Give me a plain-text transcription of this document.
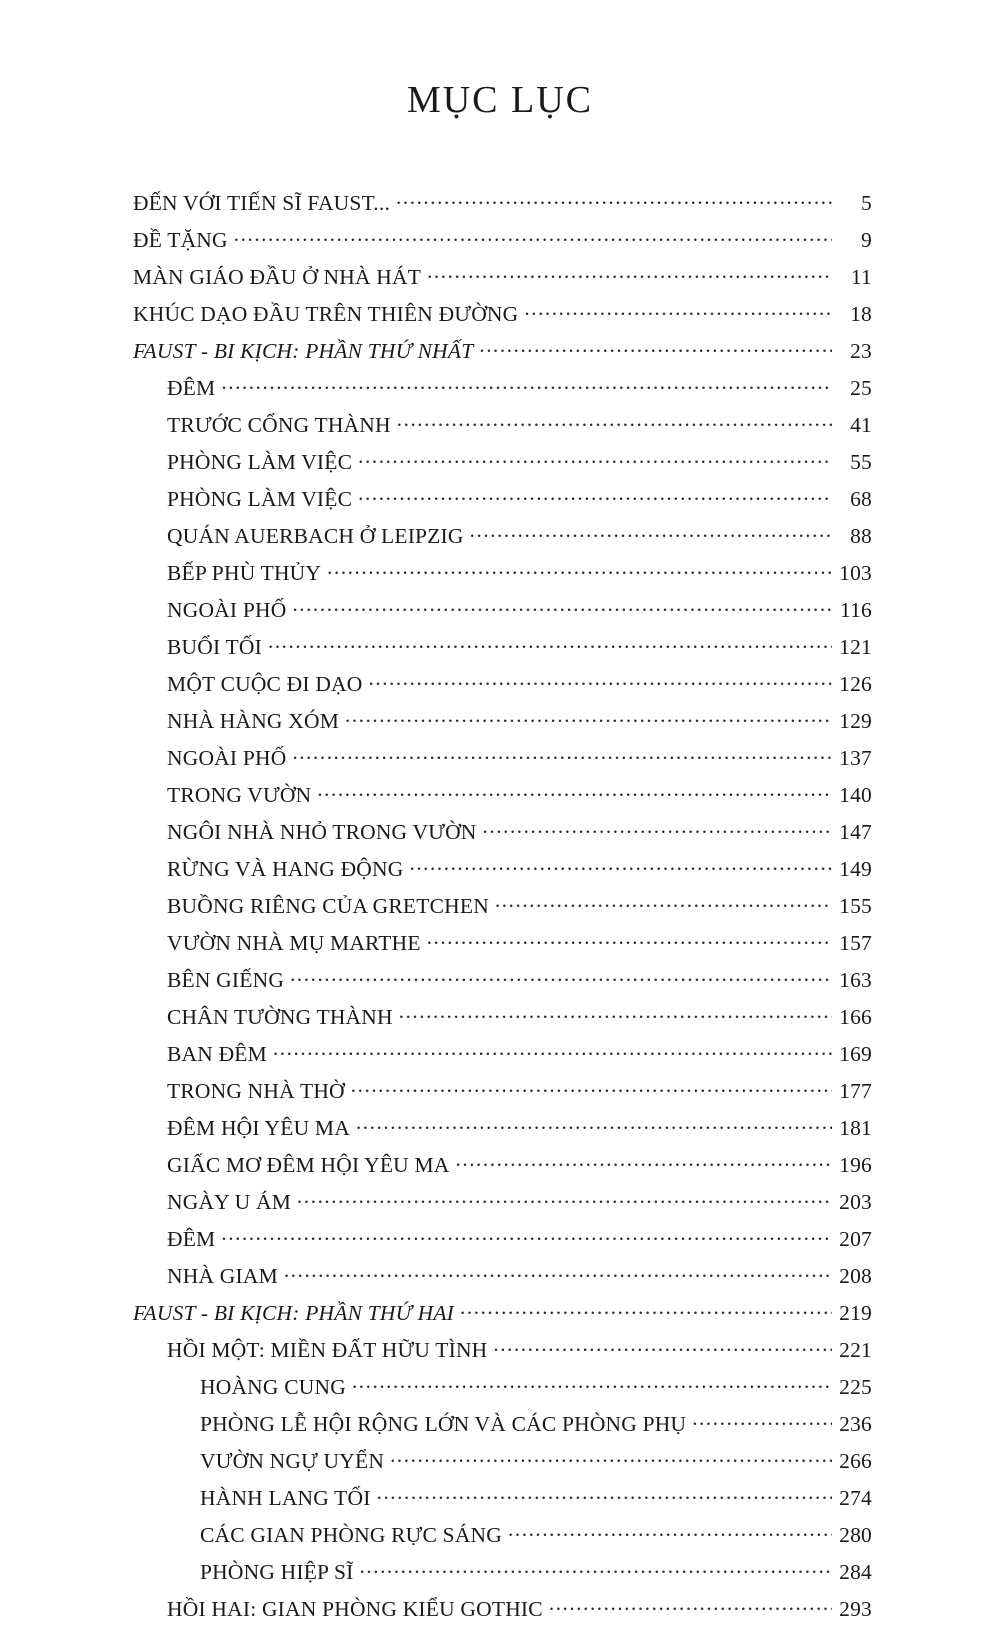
MỤC LỤC
ĐẾN VỚI TIẾN SĨ FAUST... .....	5
ĐỀ TẶNG .....	9
MÀN GIÁO ĐẦU Ở NHÀ HÁT .....	11
KHÚC DẠO ĐẦU TRÊN THIÊN ĐƯỜNG .....	18
FAUST - BI KỊCH: PHẦN THỨ NHẤT .....	23
ĐÊM .....	25
TRƯỚC CỔNG THÀNH .....	41
PHÒNG LÀM VIỆC .....	55
PHÒNG LÀM VIỆC .....	68
QUÁN AUERBACH Ở LEIPZIG .....	88
BẾP PHÙ THỦY .....	103
NGOÀI PHỐ .....	116
BUỔI TỐI .....	121
MỘT CUỘC ĐI DẠO .....	126
NHÀ HÀNG XÓM .....	129
NGOÀI PHỐ .....	137
TRONG VƯỜN .....	140
NGÔI NHÀ NHỎ TRONG VƯỜN .....	147
RỪNG VÀ HANG ĐỘNG .....	149
BUỒNG RIÊNG CỦA GRETCHEN .....	155
VƯỜN NHÀ MỤ MARTHE .....	157
BÊN GIẾNG .....	163
CHÂN TƯỜNG THÀNH .....	166
BAN ĐÊM .....	169
TRONG NHÀ THỜ .....	177
ĐÊM HỘI YÊU MA .....	181
GIẤC MƠ ĐÊM HỘI YÊU MA .....	196
NGÀY U ÁM .....	203
ĐÊM .....	207
NHÀ GIAM .....	208
FAUST - BI KỊCH: PHẦN THỨ HAI .....	219
HỒI MỘT: MIỀN ĐẤT HỮU TÌNH .....	221
HOÀNG CUNG .....	225
PHÒNG LỄ HỘI RỘNG LỚN VÀ CÁC PHÒNG PHỤ .....	236
VƯỜN NGỰ UYỂN .....	266
HÀNH LANG TỐI .....	274
CÁC GIAN PHÒNG RỰC SÁNG .....	280
PHÒNG HIỆP SĨ .....	284
HỒI HAI: GIAN PHÒNG KIỂU GOTHIC .....	293
